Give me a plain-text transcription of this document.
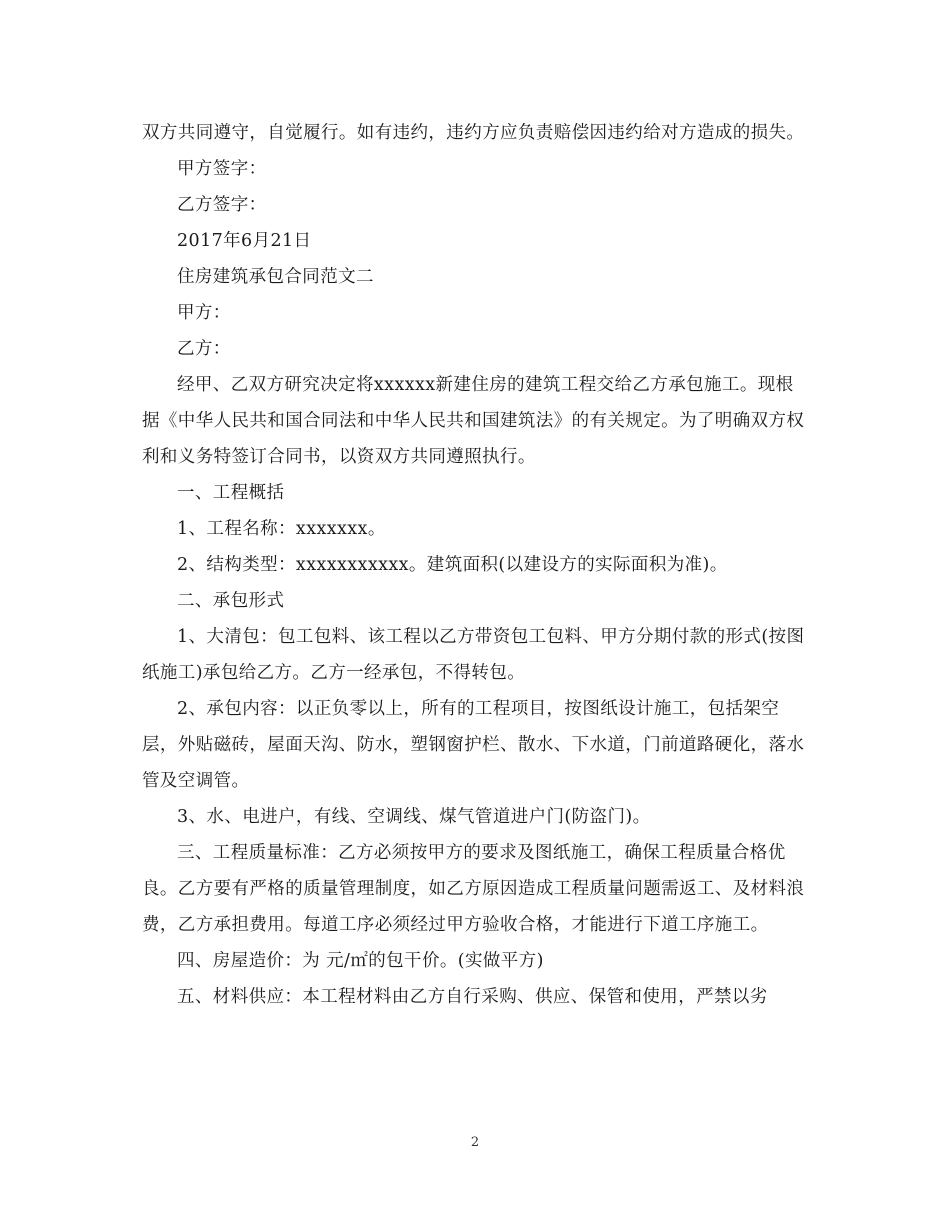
双方共同遵守，自觉履行。如有违约，违约方应负责赔偿因违约给对方造成的损失。

甲方签字：

乙方签字：

2017年6月21日

住房建筑承包合同范文二

甲方：

乙方：

经甲、乙双方研究决定将xxxxxx新建住房的建筑工程交给乙方承包施工。现根据《中华人民共和国合同法和中华人民共和国建筑法》的有关规定。为了明确双方权利和义务特签订合同书，以资双方共同遵照执行。

一、工程概括

1、工程名称：xxxxxxx。

2、结构类型：xxxxxxxxxxx。建筑面积(以建设方的实际面积为准)。

二、承包形式

1、大清包：包工包料、该工程以乙方带资包工包料、甲方分期付款的形式(按图纸施工)承包给乙方。乙方一经承包，不得转包。

2、承包内容：以正负零以上，所有的工程项目，按图纸设计施工，包括架空层，外贴磁砖，屋面天沟、防水，塑钢窗护栏、散水、下水道，门前道路硬化，落水管及空调管。

3、水、电进户，有线、空调线、煤气管道进户门(防盗门)。

三、工程质量标准：乙方必须按甲方的要求及图纸施工，确保工程质量合格优良。乙方要有严格的质量管理制度，如乙方原因造成工程质量问题需返工、及材料浪费，乙方承担费用。每道工序必须经过甲方验收合格，才能进行下道工序施工。

四、房屋造价：为 元/㎡的包干价。(实做平方)

五、材料供应：本工程材料由乙方自行采购、供应、保管和使用，严禁以劣

2
